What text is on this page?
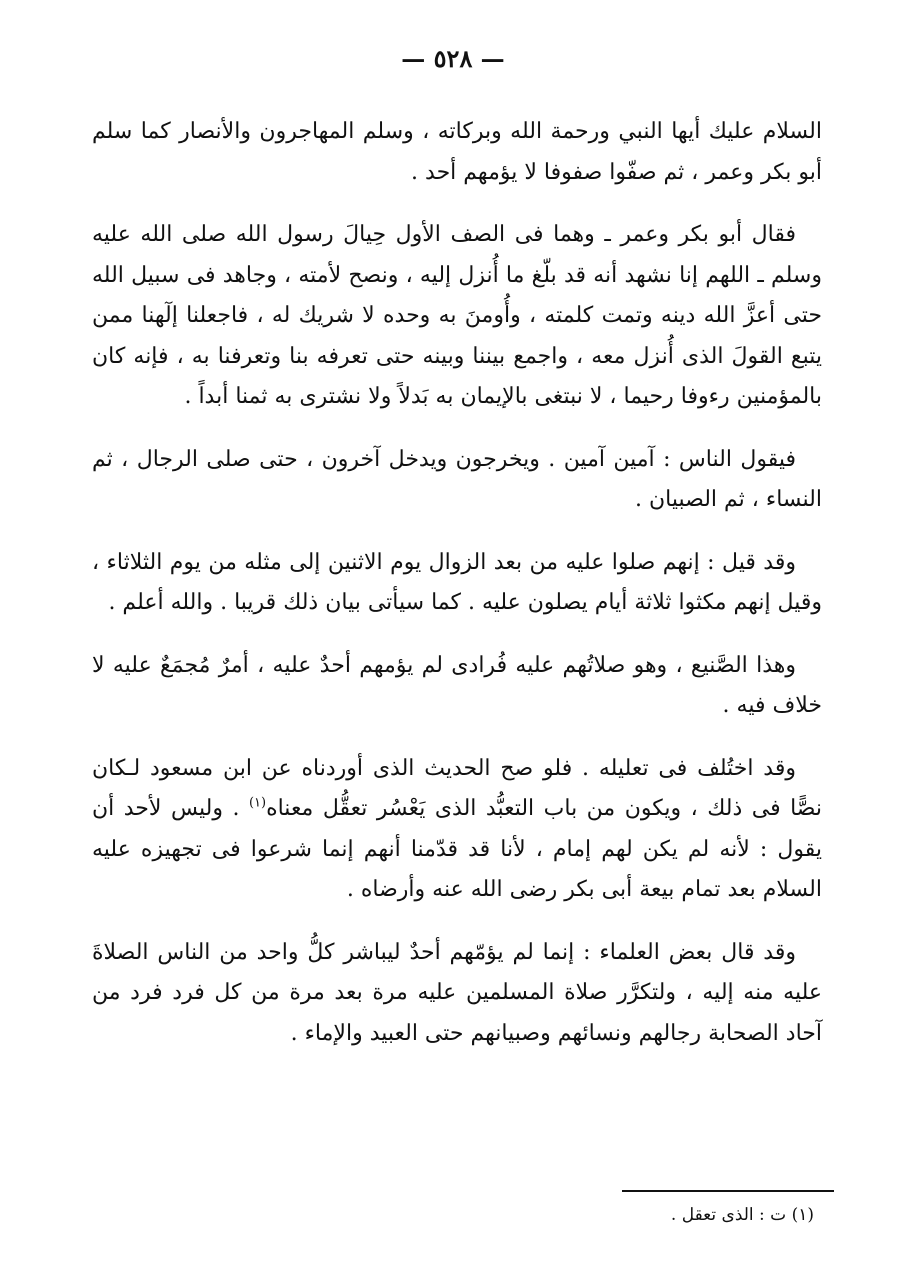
— ٥٢٨ —

السلام عليك أيها النبي ورحمة الله وبركاته ، وسلم المهاجرون والأنصار كما سلم أبو بكر وعمر ، ثم صفّوا صفوفا لا يؤمهم أحد .

فقال أبو بكر وعمر ـ وهما فى الصف الأول حِيالَ رسول الله صلى الله عليه وسلم ـ اللهم إنا نشهد أنه قد بلّغ ما أُنزل إليه ، ونصح لأمته ، وجاهد فى سبيل الله حتى أعزَّ الله دينه وتمت كلمته ، وأُومنَ به وحده لا شريك له ، فاجعلنا إلٓهنا ممن يتبع القولَ الذى أُنزل معه ، واجمع بيننا وبينه حتى تعرفه بنا وتعرفنا به ، فإنه كان بالمؤمنين رءوفا رحيما ، لا نبتغى بالإيمان به بَدلاً ولا نشترى به ثمنا أبداً .

فيقول الناس : آمين آمين . ويخرجون ويدخل آخرون ، حتى صلى الرجال ، ثم النساء ، ثم الصبيان .

وقد قيل : إنهم صلوا عليه من بعد الزوال يوم الاثنين إلى مثله من يوم الثلاثاء ، وقيل إنهم مكثوا ثلاثة أيام يصلون عليه . كما سيأتى بيان ذلك قريبا . والله أعلم .

وهذا الصَّنيع ، وهو صلاتُهم عليه فُرادى لم يؤمهم أحدٌ عليه ، أمرٌ مُجمَعٌ عليه لا خلاف فيه .

وقد اختُلف فى تعليله . فلو صح الحديث الذى أوردناه عن ابن مسعود لـكان نصًّا فى ذلك ، ويكون من باب التعبُّد الذى يَعْسُر تعقُّل معناه$^{(١)}$ . وليس لأحد أن يقول : لأنه لم يكن لهم إمام ، لأنا قد قدّمنا أنهم إنما شرعوا فى تجهيزه عليه السلام بعد تمام بيعة أبى بكر رضى الله عنه وأرضاه .

وقد قال بعض العلماء : إنما لم يؤمّهم أحدٌ ليباشر كلُّ واحد من الناس الصلاةَ عليه منه إليه ، ولتكرَّر صلاة المسلمين عليه مرة بعد مرة من كل فرد فرد من آحاد الصحابة رجالهم ونسائهم وصبيانهم حتى العبيد والإماء .

(١) ت : الذى تعقل .
